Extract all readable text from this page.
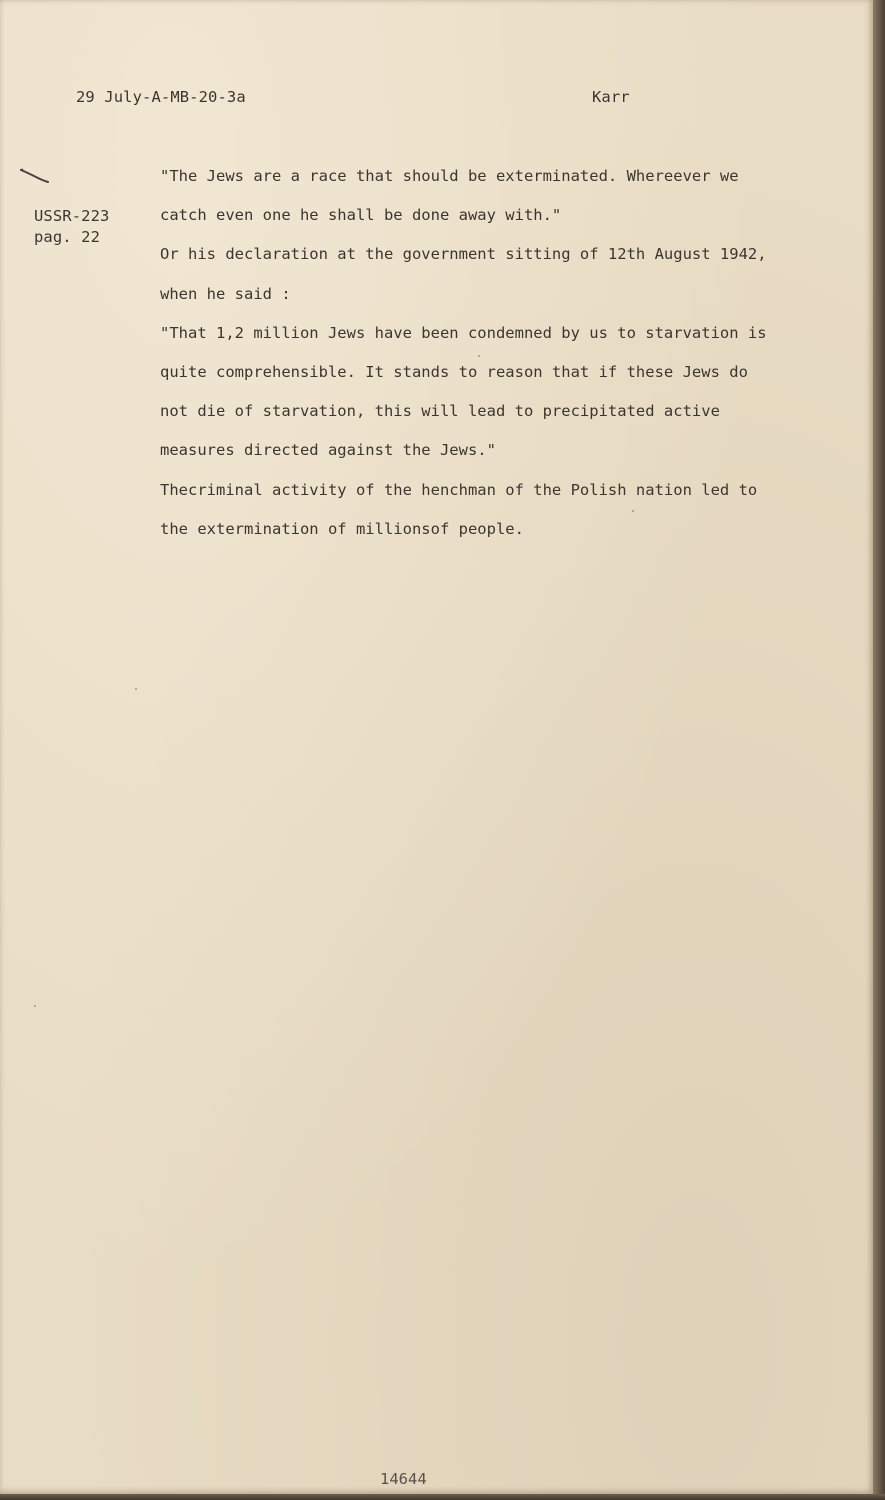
29 July-A-MB-20-3a	Karr
USSR-223
pag. 22
"The Jews are a race that should be exterminated. Whereever we
catch even one he shall be done away with."
Or his declaration at the government sitting of 12th August 1942,
when he said :
"That 1,2 million Jews have been condemned by us to starvation is
quite comprehensible. It stands to reason that if these Jews do
not die of starvation, this will lead to precipitated active
measures directed against the Jews."
Thecriminal activity of the henchman of the Polish nation led to
the extermination of millionsof people.
14644
